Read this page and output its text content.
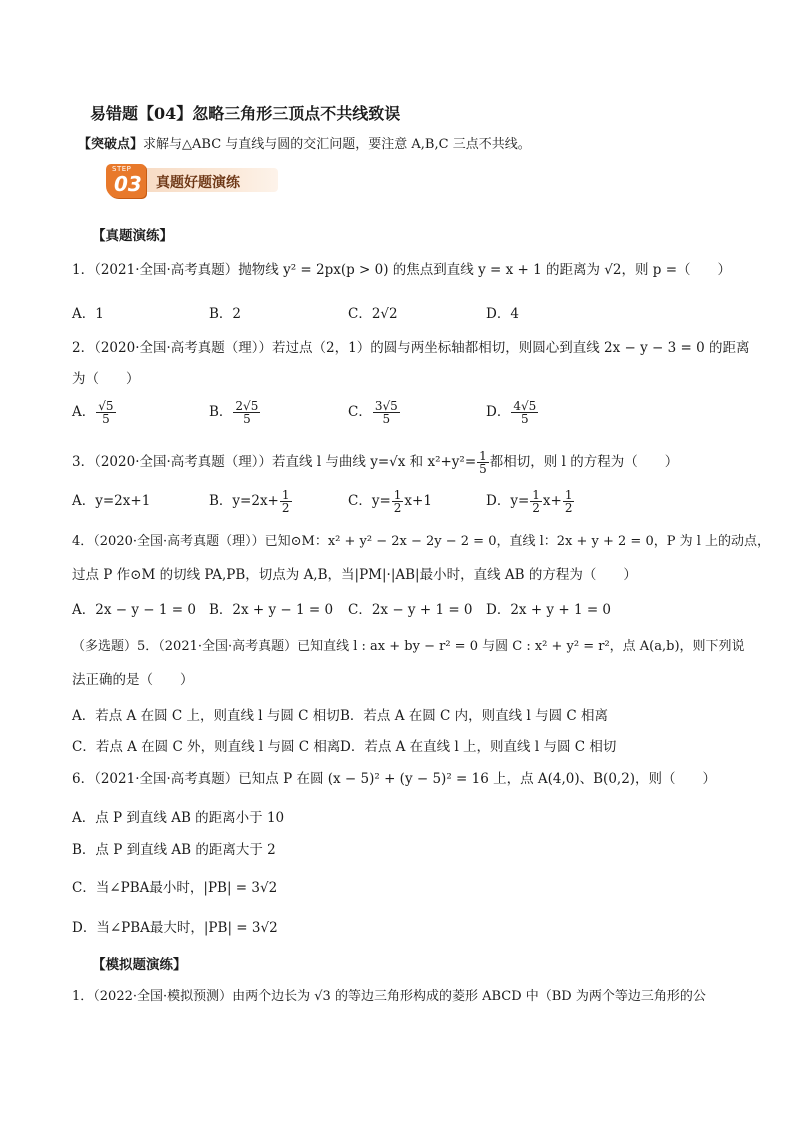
易错题【04】忽略三角形三顶点不共线致误
【突破点】求解与△ABC 与直线与圆的交汇问题，要注意 A,B,C 三点不共线。
STEP
03 真题好题演练
【真题演练】
1．（2021·全国·高考真题）抛物线 y² = 2px(p > 0) 的焦点到直线 y = x + 1 的距离为 √2，则 p =（　　）
A．1	B．2	C．2√2	D．4
2．（2020·全国·高考真题（理））若过点（2，1）的圆与两坐标轴都相切，则圆心到直线 2x − y − 3 = 0 的距离
为（　　）
A． $\frac{√5}{5}$	B． $\frac{2√5}{5}$	C． $\frac{3√5}{5}$	D． $\frac{4√5}{5}$
3．（2020·全国·高考真题（理））若直线 l 与曲线 y=√x 和 $x^2+y^2= \frac{1}{5}$ 都相切，则 l 的方程为（　　）
A．y=2x+1	B．$y=2x+ \frac{1}{2}$	C．$y= \frac{1}{2} x+1$	D．$y= \frac{1}{2} x+ \frac{1}{2}$
4．（2020·全国·高考真题（理））已知⊙M：x² + y² − 2x − 2y − 2 = 0，直线 l：2x + y + 2 = 0，P 为 l 上的动点，
过点 P 作⊙M 的切线 PA,PB，切点为 A,B，当|PM|·|AB|最小时，直线 AB 的方程为（　　）
A．2x − y − 1 = 0 B．2x + y − 1 = 0 C．2x − y + 1 = 0 D．2x + y + 1 = 0
（多选题）5．（2021·全国·高考真题）已知直线 l : ax + by − r² = 0 与圆 C : x² + y² = r²，点 A(a,b)，则下列说
法正确的是（　　）
A．若点 A 在圆 C 上，则直线 l 与圆 C 相切 B．若点 A 在圆 C 内，则直线 l 与圆 C 相离
C．若点 A 在圆 C 外，则直线 l 与圆 C 相离 D．若点 A 在直线 l 上，则直线 l 与圆 C 相切
6．（2021·全国·高考真题）已知点 P 在圆 (x − 5)² + (y − 5)² = 16 上，点 A(4,0)、B(0,2)，则（　　）
A．点 P 到直线 AB 的距离小于 10
B．点 P 到直线 AB 的距离大于 2
C．当∠PBA最小时，|PB| = 3√2
D．当∠PBA最大时，|PB| = 3√2
【模拟题演练】
1．（2022·全国·模拟预测）由两个边长为 √3 的等边三角形构成的菱形 ABCD 中（BD 为两个等边三角形的公
